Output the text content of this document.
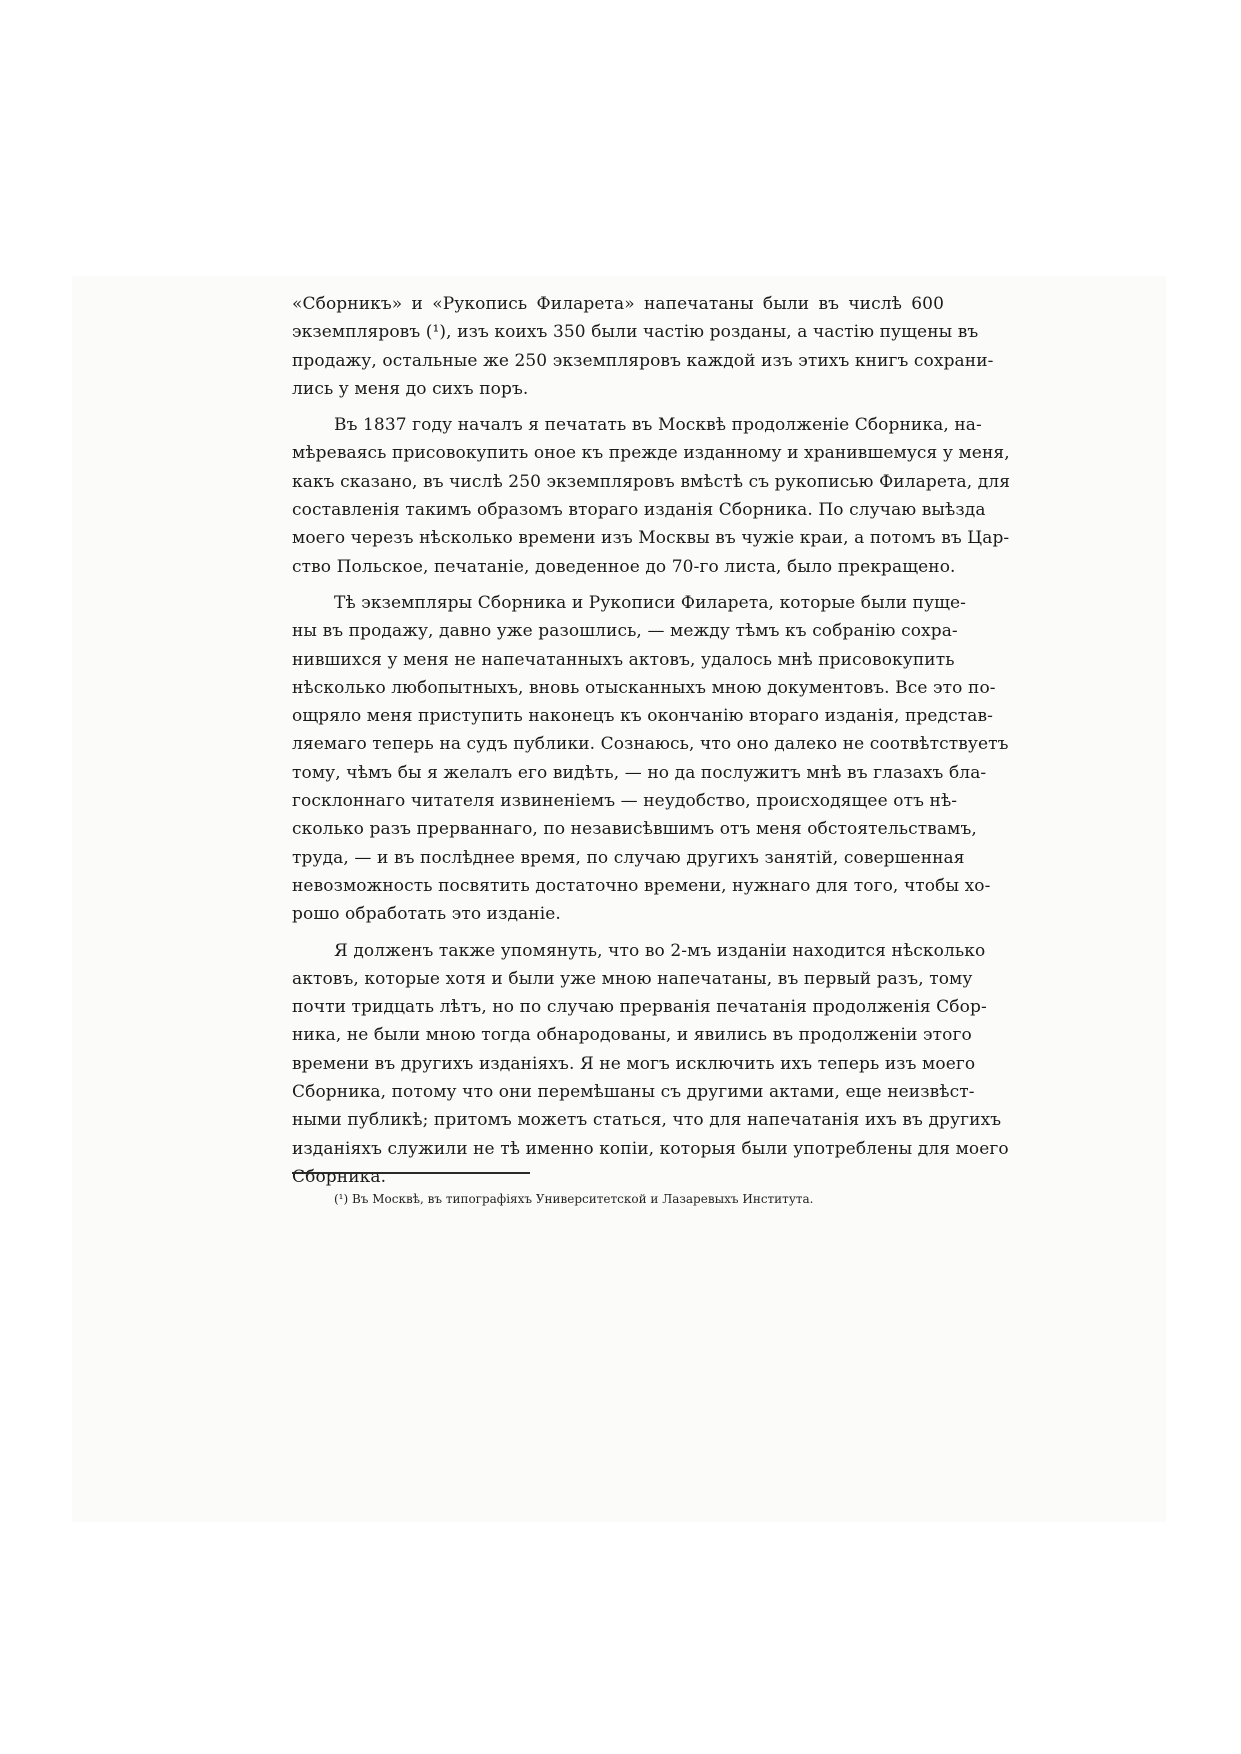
«Сборникъ» и «Рукопись Филарета» напечатаны были въ числѣ 600
экземпляровъ (¹), изъ коихъ 350 были частію розданы, а частію пущены въ
продажу, остальные же 250 экземпляровъ каждой изъ этихъ книгъ сохрани-
лись у меня до сихъ поръ.
Въ 1837 году началъ я печатать въ Москвѣ продолженіе Сборника, на-
мѣреваясь присовокупить оное къ прежде изданному и хранившемуся у меня,
какъ сказано, въ числѣ 250 экземпляровъ вмѣстѣ съ рукописью Филарета, для
составленія такимъ образомъ втораго изданія Сборника. По случаю выѣзда
моего черезъ нѣсколько времени изъ Москвы въ чужіе краи, а потомъ въ Цар-
ство Польское, печатаніе, доведенное до 70-го листа, было прекращено.
Тѣ экземпляры Сборника и Рукописи Филарета, которые были пуще-
ны въ продажу, давно уже разошлись, — между тѣмъ къ собранію сохра-
нившихся у меня не напечатанныхъ актовъ, удалось мнѣ присовокупить
нѣсколько любопытныхъ, вновь отысканныхъ мною документовъ. Все это по-
ощряло меня приступить наконецъ къ окончанію втораго изданія, представ-
ляемаго теперь на судъ публики. Сознаюсь, что оно далеко не соотвѣтствуетъ
тому, чѣмъ бы я желалъ его видѣть, — но да послужитъ мнѣ въ глазахъ бла-
госклоннаго читателя извиненіемъ — неудобство, происходящее отъ нѣ-
сколько разъ прерваннаго, по независѣвшимъ отъ меня обстоятельствамъ,
труда, — и въ послѣднее время, по случаю другихъ занятій, совершенная
невозможность посвятить достаточно времени, нужнаго для того, чтобы хо-
рошо обработать это изданіе.
Я долженъ также упомянуть, что во 2-мъ изданіи находится нѣсколько
актовъ, которые хотя и были уже мною напечатаны, въ первый разъ, тому
почти тридцать лѣтъ, но по случаю прерванія печатанія продолженія Сбор-
ника, не были мною тогда обнародованы, и явились въ продолженіи этого
времени въ другихъ изданіяхъ. Я не могъ исключить ихъ теперь изъ моего
Сборника, потому что они перемѣшаны съ другими актами, еще неизвѣст-
ными публикѣ; притомъ можетъ статься, что для напечатанія ихъ въ другихъ
изданіяхъ служили не тѣ именно копіи, которыя были употреблены для моего
Сборника.
(¹) Въ Москвѣ, въ типографіяхъ Университетской и Лазаревыхъ Института.
